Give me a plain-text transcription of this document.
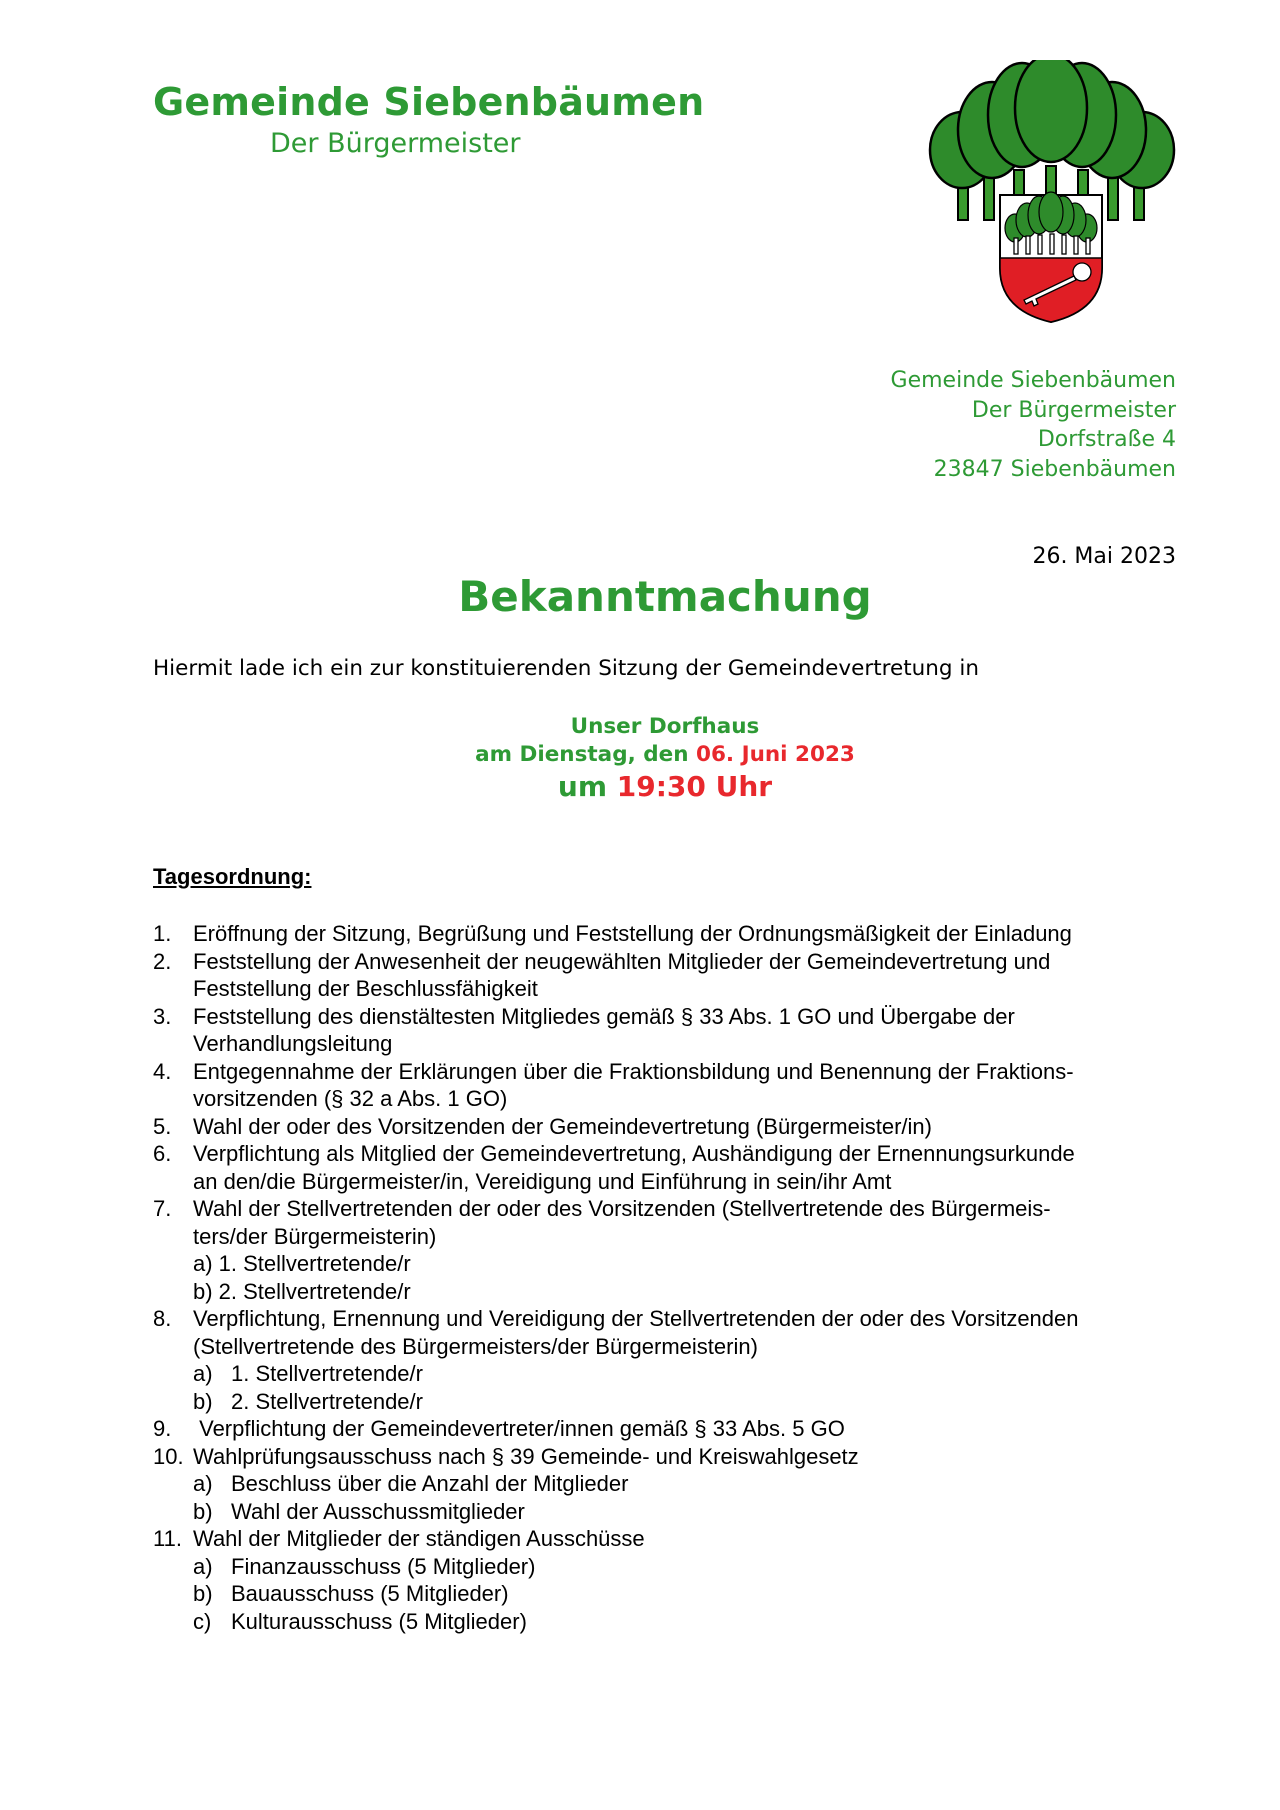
Gemeinde Siebenbäumen
Der Bürgermeister
Gemeinde Siebenbäumen
Der Bürgermeister
Dorfstraße 4
23847 Siebenbäumen
26. Mai 2023
Bekanntmachung
Hiermit lade ich ein zur konstituierenden Sitzung der Gemeindevertretung in
Unser Dorfhaus
am Dienstag, den 06. Juni 2023
um 19:30 Uhr
Tagesordnung:
1. Eröffnung der Sitzung, Begrüßung und Feststellung der Ordnungsmäßigkeit der Einladung
2. Feststellung der Anwesenheit der neugewählten Mitglieder der Gemeindevertretung und
Feststellung der Beschlussfähigkeit
3. Feststellung des dienstältesten Mitgliedes gemäß § 33 Abs. 1 GO und Übergabe der
Verhandlungsleitung
4. Entgegennahme der Erklärungen über die Fraktionsbildung und Benennung der Fraktions-
vorsitzenden (§ 32 a Abs. 1 GO)
5. Wahl der oder des Vorsitzenden der Gemeindevertretung (Bürgermeister/in)
6. Verpflichtung als Mitglied der Gemeindevertretung, Aushändigung der Ernennungsurkunde
an den/die Bürgermeister/in, Vereidigung und Einführung in sein/ihr Amt
7. Wahl der Stellvertretenden der oder des Vorsitzenden (Stellvertretende des Bürgermeis-
ters/der Bürgermeisterin)
a) 1. Stellvertretende/r
b) 2. Stellvertretende/r
8. Verpflichtung, Ernennung und Vereidigung der Stellvertretenden der oder des Vorsitzenden
(Stellvertretende des Bürgermeisters/der Bürgermeisterin)
a) 1. Stellvertretende/r
b) 2. Stellvertretende/r
9. Verpflichtung der Gemeindevertreter/innen gemäß § 33 Abs. 5 GO
10. Wahlprüfungsausschuss nach § 39 Gemeinde- und Kreiswahlgesetz
a) Beschluss über die Anzahl der Mitglieder
b) Wahl der Ausschussmitglieder
11. Wahl der Mitglieder der ständigen Ausschüsse
a) Finanzausschuss (5 Mitglieder)
b) Bauausschuss (5 Mitglieder)
c) Kulturausschuss (5 Mitglieder)
